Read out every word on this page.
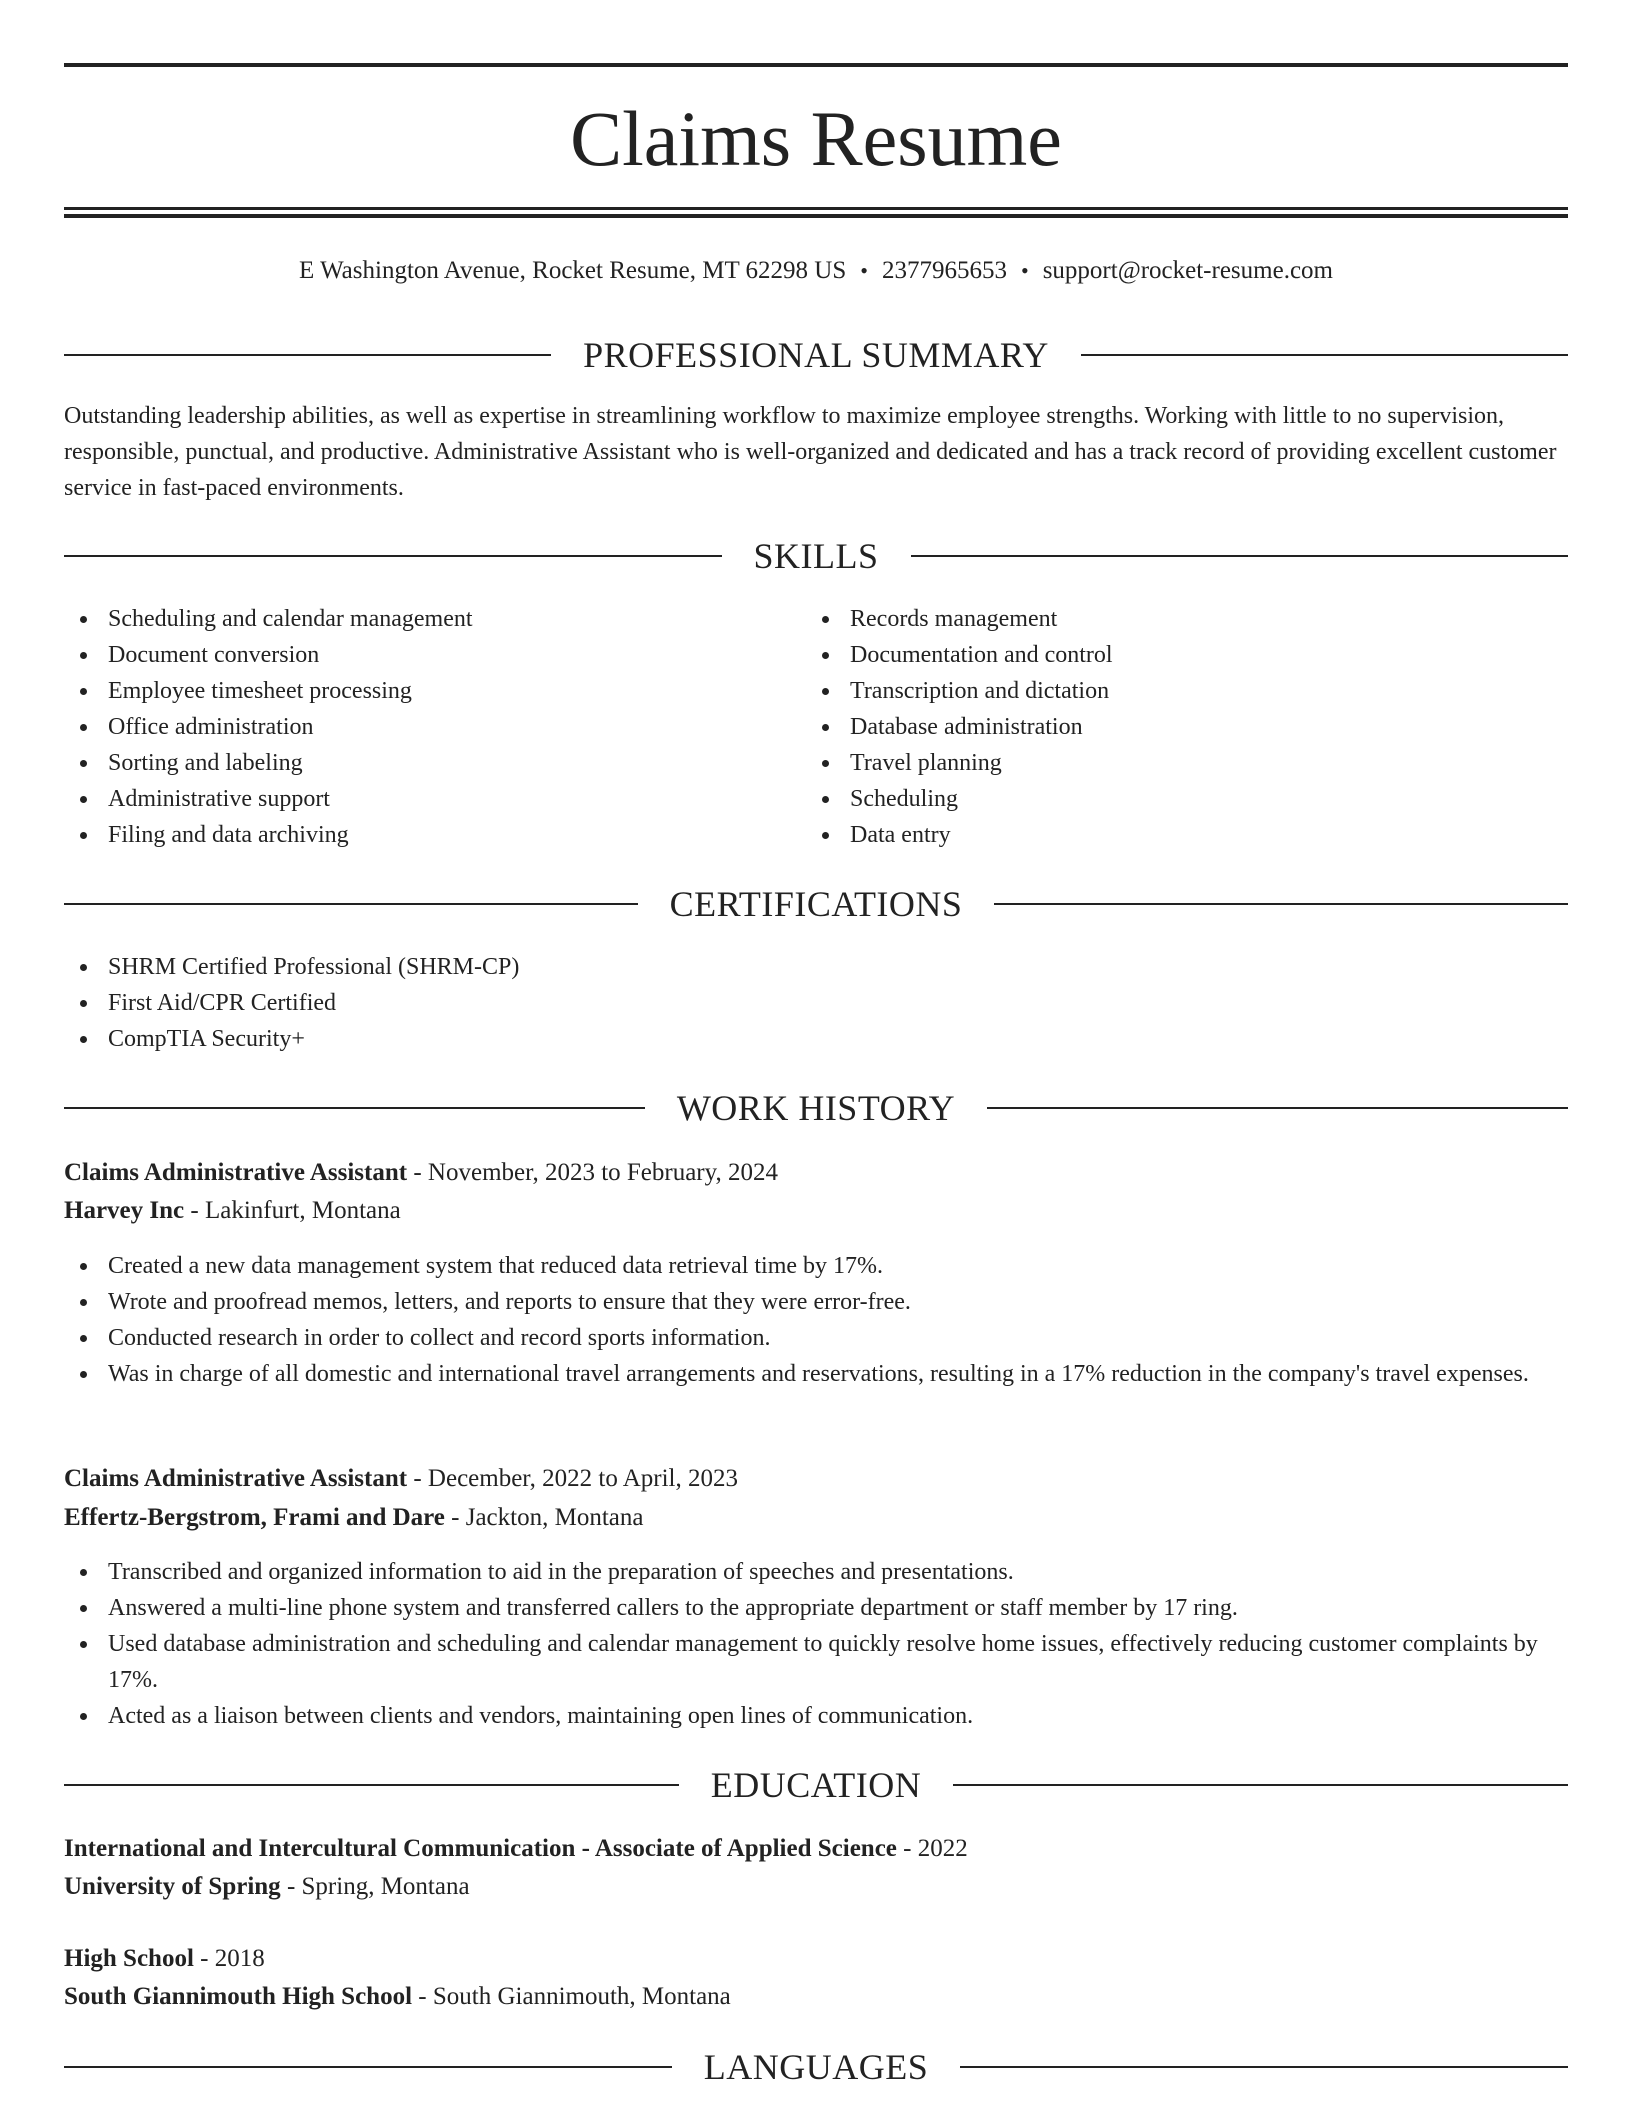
Claims Resume
E Washington Avenue, Rocket Resume, MT 62298 US • 2377965653 • support@rocket-resume.com
PROFESSIONAL SUMMARY
Outstanding leadership abilities, as well as expertise in streamlining workflow to maximize employee strengths. Working with little to no supervision, responsible, punctual, and productive. Administrative Assistant who is well-organized and dedicated and has a track record of providing excellent customer service in fast-paced environments.
SKILLS
Scheduling and calendar management
Document conversion
Employee timesheet processing
Office administration
Sorting and labeling
Administrative support
Filing and data archiving
Records management
Documentation and control
Transcription and dictation
Database administration
Travel planning
Scheduling
Data entry
CERTIFICATIONS
SHRM Certified Professional (SHRM-CP)
First Aid/CPR Certified
CompTIA Security+
WORK HISTORY
Claims Administrative Assistant - November, 2023 to February, 2024
Harvey Inc - Lakinfurt, Montana
Created a new data management system that reduced data retrieval time by 17%.
Wrote and proofread memos, letters, and reports to ensure that they were error-free.
Conducted research in order to collect and record sports information.
Was in charge of all domestic and international travel arrangements and reservations, resulting in a 17% reduction in the company's travel expenses.
Claims Administrative Assistant - December, 2022 to April, 2023
Effertz-Bergstrom, Frami and Dare - Jackton, Montana
Transcribed and organized information to aid in the preparation of speeches and presentations.
Answered a multi-line phone system and transferred callers to the appropriate department or staff member by 17 ring.
Used database administration and scheduling and calendar management to quickly resolve home issues, effectively reducing customer complaints by 17%.
Acted as a liaison between clients and vendors, maintaining open lines of communication.
EDUCATION
International and Intercultural Communication - Associate of Applied Science - 2022
University of Spring - Spring, Montana
High School - 2018
South Giannimouth High School - South Giannimouth, Montana
LANGUAGES
